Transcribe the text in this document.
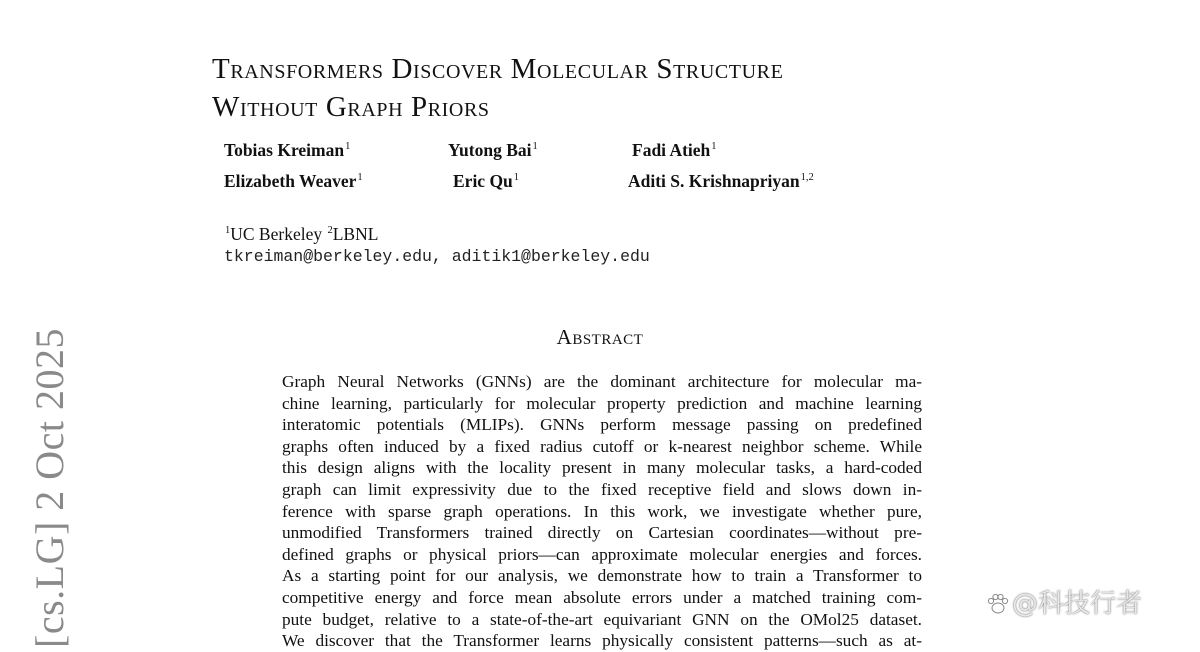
[cs.LG] 2 Oct 2025
Transformers Discover Molecular Structure
Without Graph Priors
Tobias Kreiman$^1$	Yutong Bai$^1$	Fadi Atieh$^1$
Elizabeth Weaver$^1$	Eric Qu$^1$	Aditi S. Krishnapriyan$^{1,2}$
$^1$UC Berkeley $^2$LBNL
tkreiman@berkeley.edu, aditik1@berkeley.edu
Abstract
Graph Neural Networks (GNNs) are the dominant architecture for molecular ma-
chine learning, particularly for molecular property prediction and machine learning
interatomic potentials (MLIPs). GNNs perform message passing on predefined
graphs often induced by a fixed radius cutoff or k-nearest neighbor scheme. While
this design aligns with the locality present in many molecular tasks, a hard-coded
graph can limit expressivity due to the fixed receptive field and slows down in-
ference with sparse graph operations. In this work, we investigate whether pure,
unmodified Transformers trained directly on Cartesian coordinates—without pre-
defined graphs or physical priors—can approximate molecular energies and forces.
As a starting point for our analysis, we demonstrate how to train a Transformer to
competitive energy and force mean absolute errors under a matched training com-
pute budget, relative to a state-of-the-art equivariant GNN on the OMol25 dataset.
We discover that the Transformer learns physically consistent patterns—such as at-
@科技行者
